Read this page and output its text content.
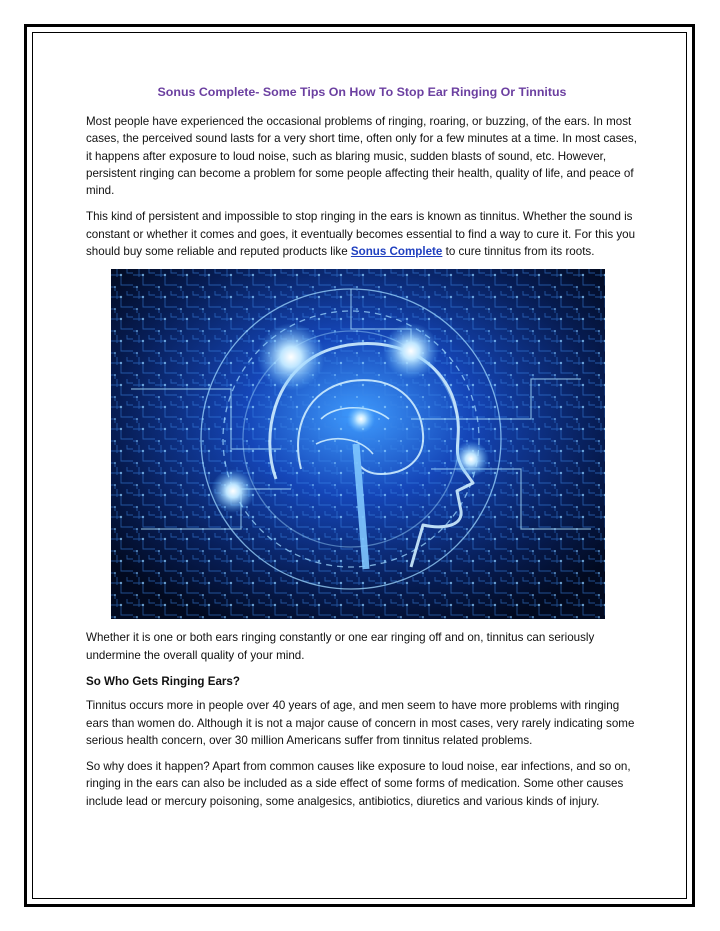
Sonus Complete- Some Tips On How To Stop Ear Ringing Or Tinnitus

Most people have experienced the occasional problems of ringing, roaring, or buzzing, of the ears. In most cases, the perceived sound lasts for a very short time, often only for a few minutes at a time. In most cases, it happens after exposure to loud noise, such as blaring music, sudden blasts of sound, etc. However, persistent ringing can become a problem for some people affecting their health, quality of life, and peace of mind.

This kind of persistent and impossible to stop ringing in the ears is known as tinnitus. Whether the sound is constant or whether it comes and goes, it eventually becomes essential to find a way to cure it. For this you should buy some reliable and reputed products like Sonus Complete to cure tinnitus from its roots.

Whether it is one or both ears ringing constantly or one ear ringing off and on, tinnitus can seriously undermine the overall quality of your mind.

So Who Gets Ringing Ears?

Tinnitus occurs more in people over 40 years of age, and men seem to have more problems with ringing ears than women do. Although it is not a major cause of concern in most cases, very rarely indicating some serious health concern, over 30 million Americans suffer from tinnitus related problems.

So why does it happen? Apart from common causes like exposure to loud noise, ear infections, and so on, ringing in the ears can also be included as a side effect of some forms of medication. Some other causes include lead or mercury poisoning, some analgesics, antibiotics, diuretics and various kinds of injury.
